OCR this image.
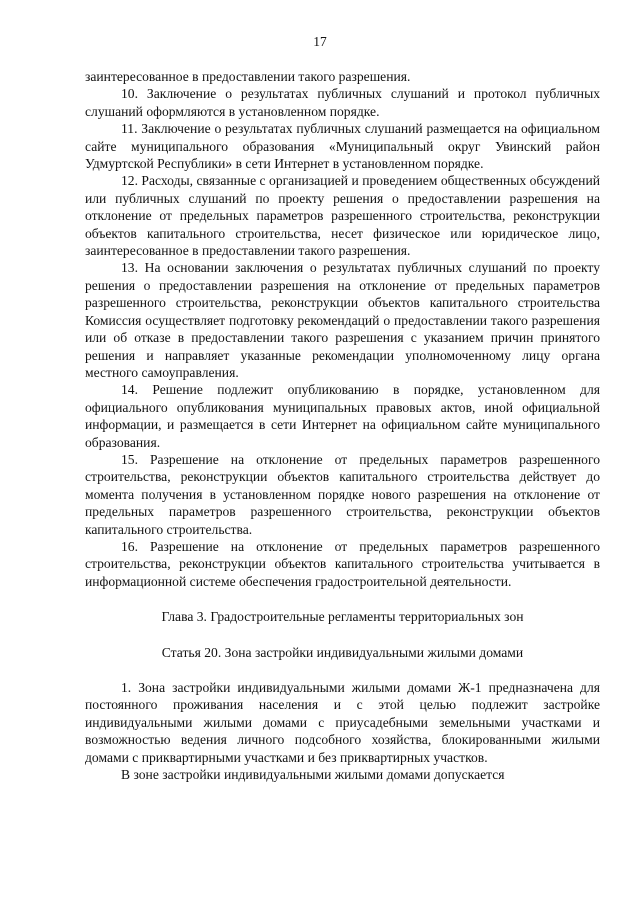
17

заинтересованное в предоставлении такого разрешения.

10. Заключение о результатах публичных слушаний и протокол публичных слушаний оформляются в установленном порядке.

11. Заключение о результатах публичных слушаний размещается на официальном сайте муниципального образования «Муниципальный округ Увинский район Удмуртской Республики» в сети Интернет в установленном порядке.

12. Расходы, связанные с организацией и проведением общественных обсуждений или публичных слушаний по проекту решения о предоставлении разрешения на отклонение от предельных параметров разрешенного строительства, реконструкции объектов капитального строительства, несет физическое или юридическое лицо, заинтересованное в предоставлении такого разрешения.

13. На основании заключения о результатах публичных слушаний по проекту решения о предоставлении разрешения на отклонение от предельных параметров разрешенного строительства, реконструкции объектов капитального строительства Комиссия осуществляет подготовку рекомендаций о предоставлении такого разрешения или об отказе в предоставлении такого разрешения с указанием причин принятого решения и направляет указанные рекомендации уполномоченному лицу органа местного самоуправления.

14. Решение подлежит опубликованию в порядке, установленном для официального опубликования муниципальных правовых актов, иной официальной информации, и размещается в сети Интернет на официальном сайте муниципального образования.

15. Разрешение на отклонение от предельных параметров разрешенного строительства, реконструкции объектов капитального строительства действует до момента получения в установленном порядке нового разрешения на отклонение от предельных параметров разрешенного строительства, реконструкции объектов капитального строительства.

16. Разрешение на отклонение от предельных параметров разрешенного строительства, реконструкции объектов капитального строительства учитывается в информационной системе обеспечения градостроительной деятельности.

Глава 3. Градостроительные регламенты территориальных зон

Статья 20. Зона застройки индивидуальными жилыми домами

1. Зона застройки индивидуальными жилыми домами Ж-1 предназначена для постоянного проживания населения и с этой целью подлежит застройке индивидуальными жилыми домами с приусадебными земельными участками и возможностью ведения личного подсобного хозяйства, блокированными жилыми домами с приквартирными участками и без приквартирных участков.

В зоне застройки индивидуальными жилыми домами допускается
